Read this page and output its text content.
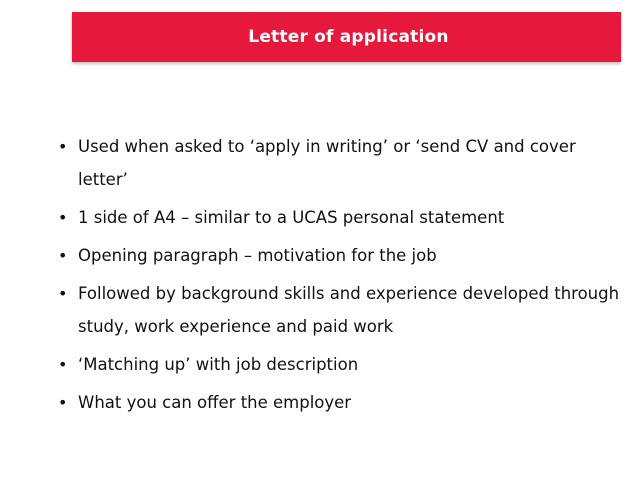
Letter of application
• Used when asked to ‘apply in writing’ or ‘send CV and cover letter’
• 1 side of A4 – similar to a UCAS personal statement
• Opening paragraph – motivation for the job
• Followed by background skills and experience developed through study, work experience and paid work
• ‘Matching up’ with job description
• What you can offer the employer
